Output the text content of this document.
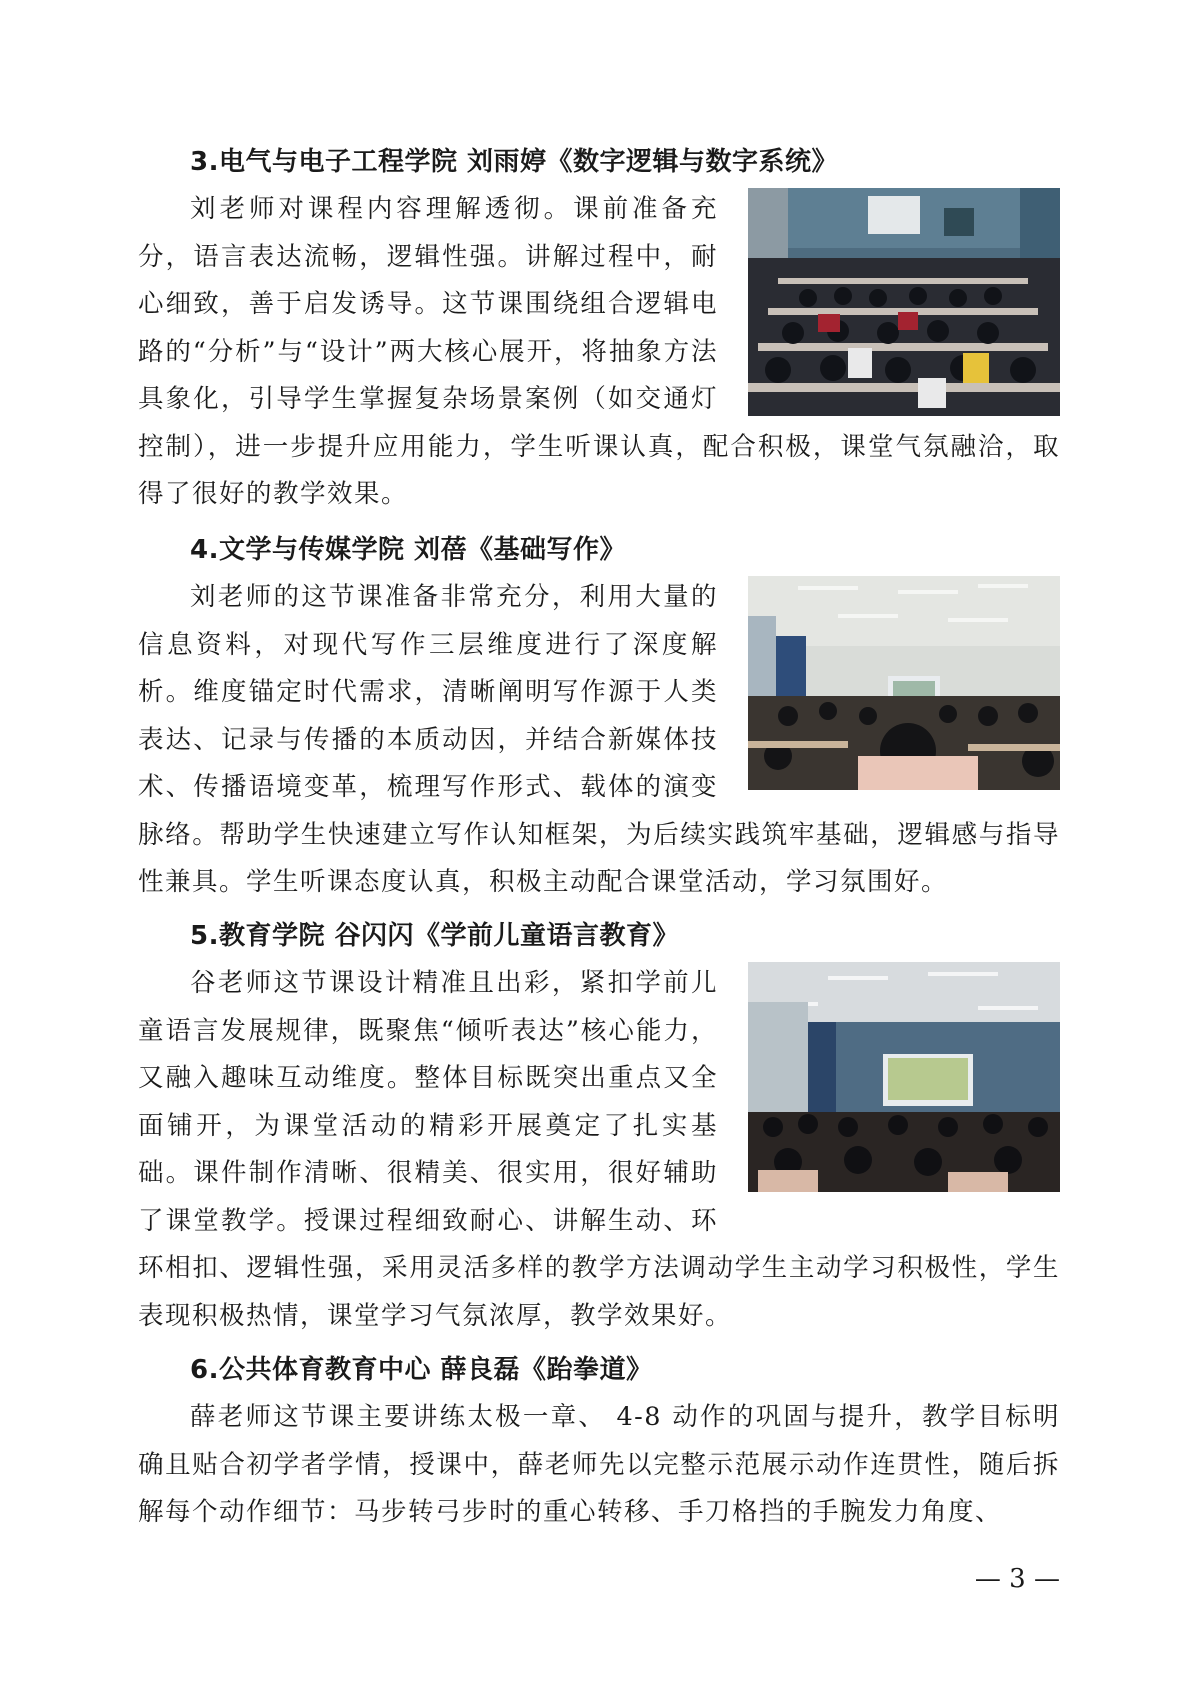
3.电气与电子工程学院 刘雨婷《数字逻辑与数字系统》

刘老师对课程内容理解透彻。课前准备充分，语言表达流畅，逻辑性强。讲解过程中，耐心细致，善于启发诱导。这节课围绕组合逻辑电路的“分析”与“设计”两大核心展开，将抽象方法具象化，引导学生掌握复杂场景案例（如交通灯控制），进一步提升应用能力，学生听课认真，配合积极，课堂气氛融洽，取得了很好的教学效果。

4.文学与传媒学院 刘蓓《基础写作》

刘老师的这节课准备非常充分，利用大量的信息资料，对现代写作三层维度进行了深度解析。维度锚定时代需求，清晰阐明写作源于人类表达、记录与传播的本质动因，并结合新媒体技术、传播语境变革，梳理写作形式、载体的演变脉络。帮助学生快速建立写作认知框架，为后续实践筑牢基础，逻辑感与指导性兼具。学生听课态度认真，积极主动配合课堂活动，学习氛围好。

5.教育学院 谷闪闪《学前儿童语言教育》

谷老师这节课设计精准且出彩，紧扣学前儿童语言发展规律，既聚焦“倾听表达”核心能力，又融入趣味互动维度。整体目标既突出重点又全面铺开，为课堂活动的精彩开展奠定了扎实基础。课件制作清晰、很精美、很实用，很好辅助了课堂教学。授课过程细致耐心、讲解生动、环环相扣、逻辑性强，采用灵活多样的教学方法调动学生主动学习积极性，学生表现积极热情，课堂学习气氛浓厚，教学效果好。

6.公共体育教育中心 薛良磊《跆拳道》

薛老师这节课主要讲练太极一章、 4-8 动作的巩固与提升，教学目标明确且贴合初学者学情，授课中，薛老师先以完整示范展示动作连贯性，随后拆解每个动作细节：马步转弓步时的重心转移、手刀格挡的手腕发力角度、

— 3 —
